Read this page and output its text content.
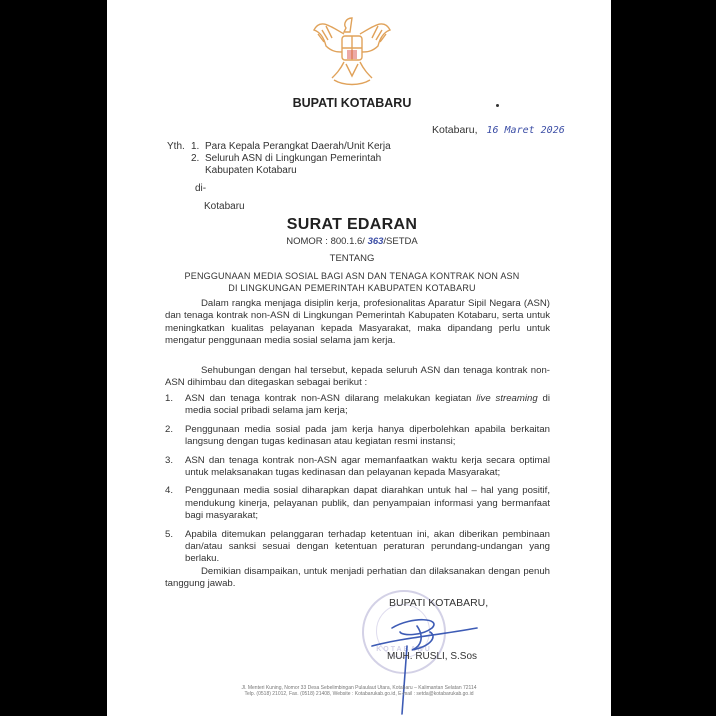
BUPATI KOTABARU
Kotabaru, 16 Maret 2026
Yth. 1. Para Kepala Perangkat Daerah/Unit Kerja
2. Seluruh ASN di Lingkungan Pemerintah
Kabupaten Kotabaru
di-
Kotabaru
SURAT EDARAN
NOMOR : 800.1.6/ 363/SETDA
TENTANG
PENGGUNAAN MEDIA SOSIAL BAGI ASN DAN TENAGA KONTRAK NON ASN
DI LINGKUNGAN PEMERINTAH KABUPATEN KOTABARU

Dalam rangka menjaga disiplin kerja, profesionalitas Aparatur Sipil Negara (ASN) dan tenaga kontrak non-ASN di Lingkungan Pemerintah Kabupaten Kotabaru, serta untuk meningkatkan kualitas pelayanan kepada Masyarakat, maka dipandang perlu untuk mengatur penggunaan media sosial selama jam kerja.

Sehubungan dengan hal tersebut, kepada seluruh ASN dan tenaga kontrak non-ASN dihimbau dan ditegaskan sebagai berikut :

1.	ASN dan tenaga kontrak non-ASN dilarang melakukan kegiatan live streaming di media social pribadi selama jam kerja;
2.	Penggunaan media sosial pada jam kerja hanya diperbolehkan apabila berkaitan langsung dengan tugas kedinasan atau kegiatan resmi instansi;
3.	ASN dan tenaga kontrak non-ASN agar memanfaatkan waktu kerja secara optimal untuk melaksanakan tugas kedinasan dan pelayanan kepada Masyarakat;
4.	Penggunaan media sosial diharapkan dapat diarahkan untuk hal – hal yang positif, mendukung kinerja, pelayanan publik, dan penyampaian informasi yang bermanfaat bagi masyarakat;
5.	Apabila ditemukan pelanggaran terhadap ketentuan ini, akan diberikan pembinaan dan/atau sanksi sesuai dengan ketentuan peraturan perundang-undangan yang berlaku.

Demikian disampaikan, untuk menjadi perhatian dan dilaksanakan dengan penuh tanggung jawab.

KOTABARU
BUPATI KOTABARU,
MUH. RUSLI, S.Sos
Jl. Menteri Kuning, Nomor 33 Desa Sebelimbingan Pulaulaut Utara, Kotabaru – Kalimantan Selatan 72114
Telp. (0518) 21012, Fax. (0518) 21408, Website : Kotabarukab.go.id, E-mail : setda@kotabarukab.go.id
